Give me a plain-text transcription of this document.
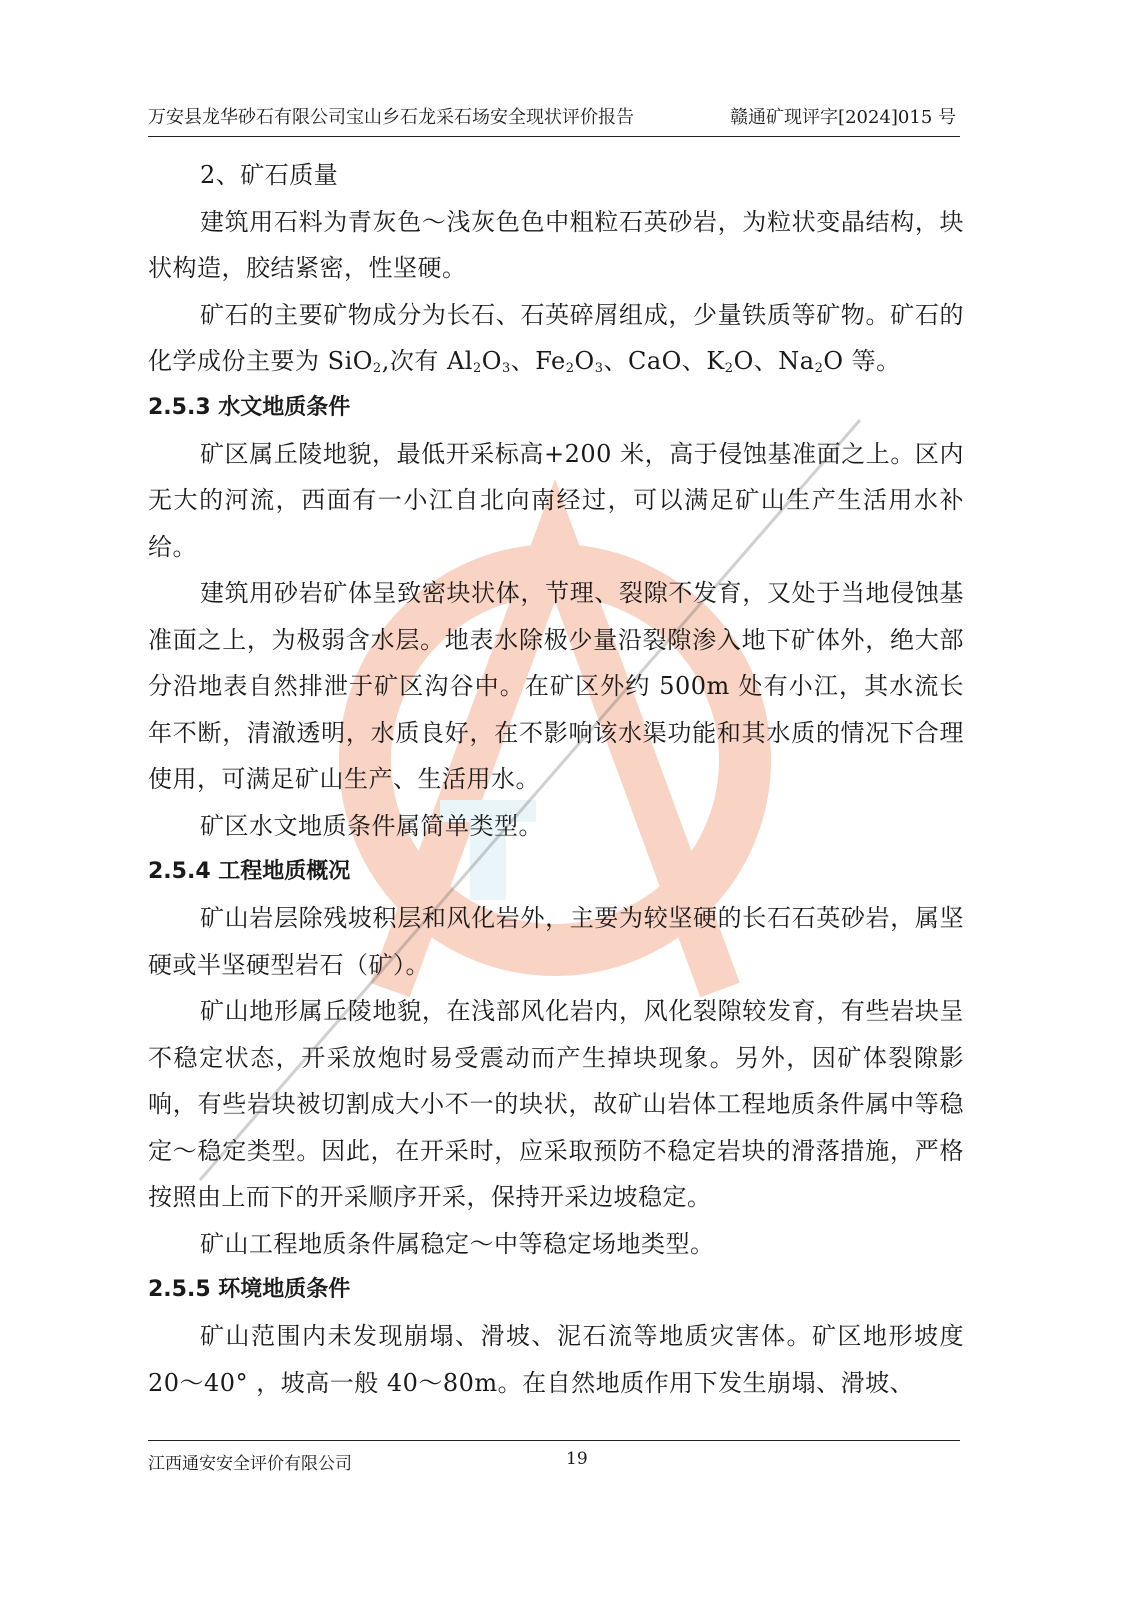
万安县龙华砂石有限公司宝山乡石龙采石场安全现状评价报告	赣通矿现评字[2024]015 号

2、矿石质量

建筑用石料为青灰色～浅灰色色中粗粒石英砂岩，为粒状变晶结构，块状构造，胶结紧密，性坚硬。

矿石的主要矿物成分为长石、石英碎屑组成，少量铁质等矿物。矿石的化学成份主要为 SiO$_2$,次有 $Al_2O_3$、$Fe_2O_3$、CaO、$K_2O$、$Na_2O$ 等。

2.5.3 水文地质条件

矿区属丘陵地貌，最低开采标高+200 米，高于侵蚀基准面之上。区内无大的河流，西面有一小江自北向南经过，可以满足矿山生产生活用水补给。

建筑用砂岩矿体呈致密块状体，节理、裂隙不发育，又处于当地侵蚀基准面之上，为极弱含水层。地表水除极少量沿裂隙渗入地下矿体外，绝大部分沿地表自然排泄于矿区沟谷中。在矿区外约 500m 处有小江，其水流长年不断，清澈透明，水质良好，在不影响该水渠功能和其水质的情况下合理使用，可满足矿山生产、生活用水。

矿区水文地质条件属简单类型。

2.5.4 工程地质概况

矿山岩层除残坡积层和风化岩外，主要为较坚硬的长石石英砂岩，属坚硬或半坚硬型岩石（矿）。

矿山地形属丘陵地貌，在浅部风化岩内，风化裂隙较发育，有些岩块呈不稳定状态，开采放炮时易受震动而产生掉块现象。另外，因矿体裂隙影响，有些岩块被切割成大小不一的块状，故矿山岩体工程地质条件属中等稳定～稳定类型。因此，在开采时，应采取预防不稳定岩块的滑落措施，严格按照由上而下的开采顺序开采，保持开采边坡稳定。

矿山工程地质条件属稳定～中等稳定场地类型。

2.5.5 环境地质条件

矿山范围内未发现崩塌、滑坡、泥石流等地质灾害体。矿区地形坡度 20～40° ，坡高一般 40～80m。在自然地质作用下发生崩塌、滑坡、

江西通安安全评价有限公司	19
